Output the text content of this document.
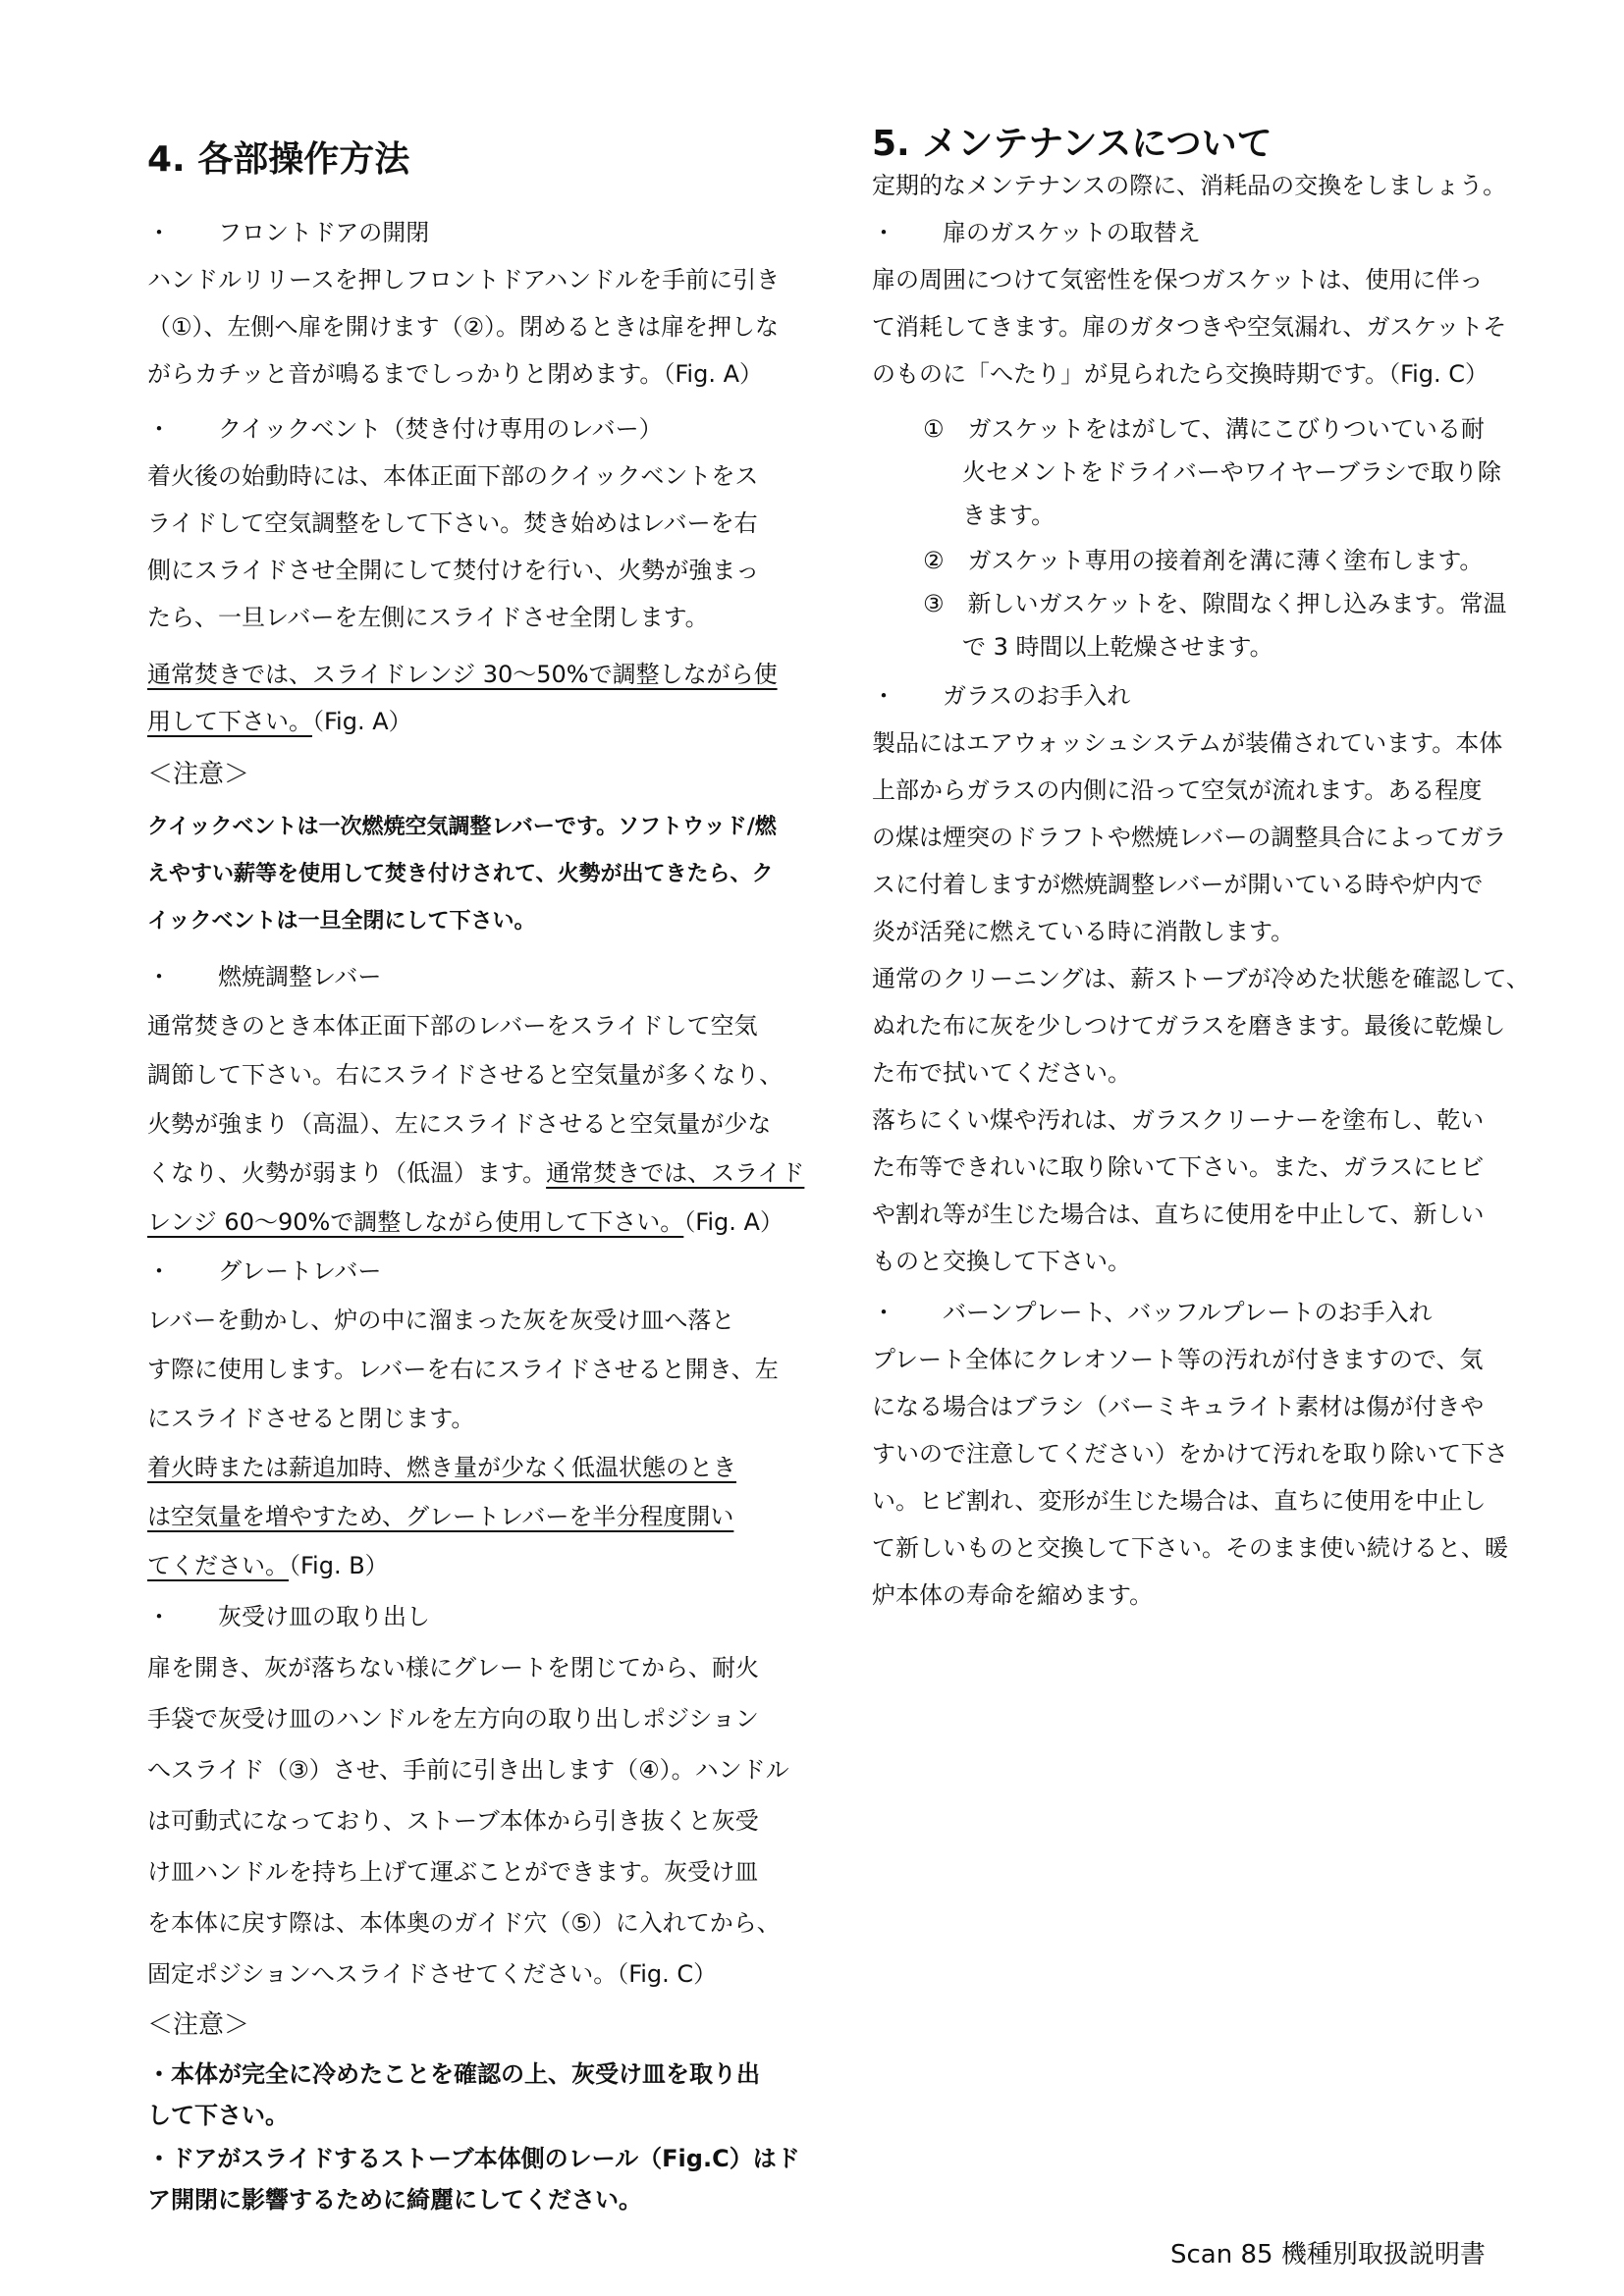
4. 各部操作方法
・　　フロントドアの開閉
ハンドルリリースを押しフロントドアハンドルを手前に引き
（①）、左側へ扉を開けます（②）。閉めるときは扉を押しな
がらカチッと音が鳴るまでしっかりと閉めます。（Fig. A）
・　　クイックベント（焚き付け専用のレバー）
着火後の始動時には、本体正面下部のクイックベントをス
ライドして空気調整をして下さい。焚き始めはレバーを右
側にスライドさせ全開にして焚付けを行い、火勢が強まっ
たら、一旦レバーを左側にスライドさせ全閉します。
通常焚きでは、スライドレンジ 30～50%で調整しながら使
用して下さい。（Fig. A）
＜注意＞
クイックベントは一次燃焼空気調整レバーです。ソフトウッド/燃
えやすい薪等を使用して焚き付けされて、火勢が出てきたら、ク
イックベントは一旦全閉にして下さい。
・　　燃焼調整レバー
通常焚きのとき本体正面下部のレバーをスライドして空気
調節して下さい。右にスライドさせると空気量が多くなり、
火勢が強まり（高温）、左にスライドさせると空気量が少な
くなり、火勢が弱まり（低温）ます。通常焚きでは、スライド
レンジ 60～90%で調整しながら使用して下さい。（Fig. A）
・　　グレートレバー
レバーを動かし、炉の中に溜まった灰を灰受け皿へ落と
す際に使用します。レバーを右にスライドさせると開き、左
にスライドさせると閉じます。
着火時または薪追加時、燃き量が少なく低温状態のとき
は空気量を増やすため、グレートレバーを半分程度開い
てください。（Fig. B）
・　　灰受け皿の取り出し
扉を開き、灰が落ちない様にグレートを閉じてから、耐火
手袋で灰受け皿のハンドルを左方向の取り出しポジション
へスライド（③）させ、手前に引き出します（④）。ハンドル
は可動式になっており、ストーブ本体から引き抜くと灰受
け皿ハンドルを持ち上げて運ぶことができます。灰受け皿
を本体に戻す際は、本体奥のガイド穴（⑤）に入れてから、
固定ポジションへスライドさせてください。（Fig. C）
＜注意＞
・本体が完全に冷めたことを確認の上、灰受け皿を取り出
して下さい。
・ドアがスライドするストーブ本体側のレール（Fig.C）はド
ア開閉に影響するために綺麗にしてください。
5. メンテナンスについて
定期的なメンテナンスの際に、消耗品の交換をしましょう。
・　　扉のガスケットの取替え
扉の周囲につけて気密性を保つガスケットは、使用に伴っ
て消耗してきます。扉のガタつきや空気漏れ、ガスケットそ
のものに「へたり」が見られたら交換時期です。（Fig. C）
①　ガスケットをはがして、溝にこびりついている耐
火セメントをドライバーやワイヤーブラシで取り除
きます。
②　ガスケット専用の接着剤を溝に薄く塗布します。
③　新しいガスケットを、隙間なく押し込みます。常温
で 3 時間以上乾燥させます。
・　　ガラスのお手入れ
製品にはエアウォッシュシステムが装備されています。本体
上部からガラスの内側に沿って空気が流れます。ある程度
の煤は煙突のドラフトや燃焼レバーの調整具合によってガラ
スに付着しますが燃焼調整レバーが開いている時や炉内で
炎が活発に燃えている時に消散します。
通常のクリーニングは、薪ストーブが冷めた状態を確認して、
ぬれた布に灰を少しつけてガラスを磨きます。最後に乾燥し
た布で拭いてください。
落ちにくい煤や汚れは、ガラスクリーナーを塗布し、乾い
た布等できれいに取り除いて下さい。また、ガラスにヒビ
や割れ等が生じた場合は、直ちに使用を中止して、新しい
ものと交換して下さい。
・　　バーンプレート、バッフルプレートのお手入れ
プレート全体にクレオソート等の汚れが付きますので、気
になる場合はブラシ（バーミキュライト素材は傷が付きや
すいので注意してください）をかけて汚れを取り除いて下さ
い。ヒビ割れ、変形が生じた場合は、直ちに使用を中止し
て新しいものと交換して下さい。そのまま使い続けると、暖
炉本体の寿命を縮めます。
Scan 85 機種別取扱説明書
